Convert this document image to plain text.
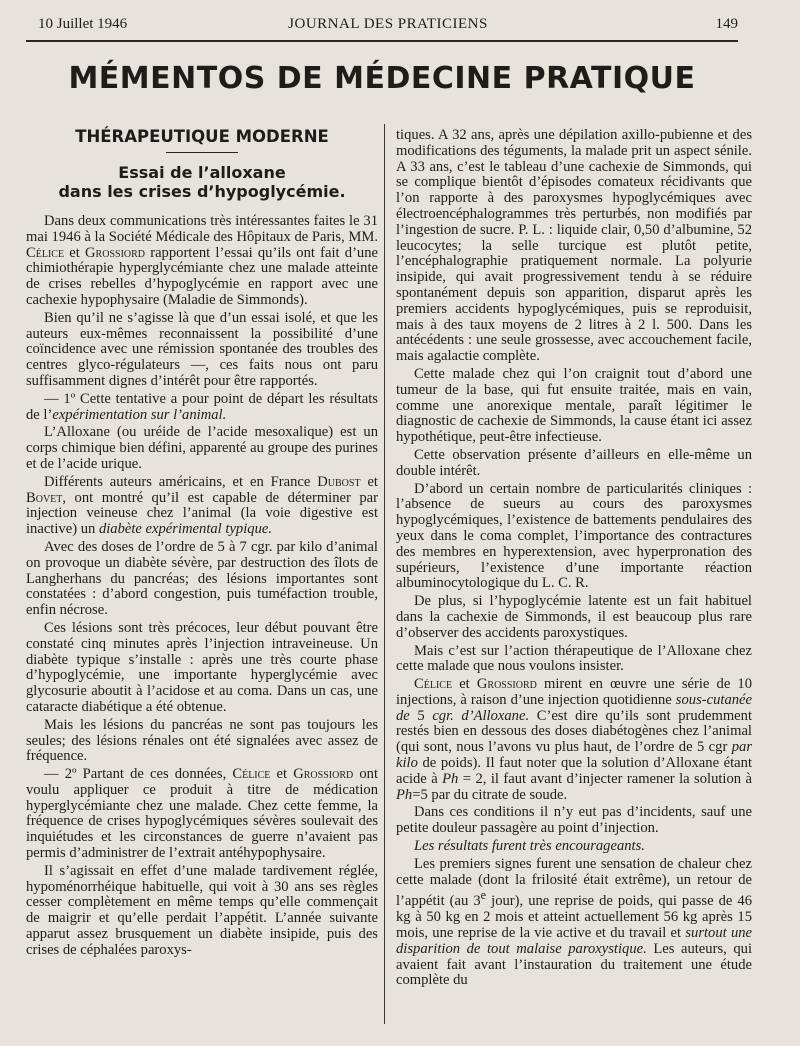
10 Juillet 1946	JOURNAL DES PRATICIENS	149
MÉMENTOS DE MÉDECINE PRATIQUE
THÉRAPEUTIQUE MODERNE
Essai de l’alloxane
dans les crises d’hypoglycémie.

Dans deux communications très intéressantes faites le 31 mai 1946 à la Société Médicale des Hôpitaux de Paris, MM. Célice et Grossiord rapportent l’essai qu’ils ont fait d’une chimiothérapie hyperglycémiante chez une malade atteinte de crises rebelles d’hypoglycémie en rapport avec une cachexie hypophysaire (Maladie de Simmonds).

Bien qu’il ne s’agisse là que d’un essai isolé, et que les auteurs eux-mêmes reconnaissent la possibilité d’une coïncidence avec une rémission spontanée des troubles des centres glyco-régulateurs —, ces faits nous ont paru suffisamment dignes d’intérêt pour être rapportés.

— 1º Cette tentative a pour point de départ les résultats de l’expérimentation sur l’animal.

L’Alloxane (ou uréide de l’acide mesoxalique) est un corps chimique bien défini, apparenté au groupe des purines et de l’acide urique.

Différents auteurs américains, et en France Dubost et Bovet, ont montré qu’il est capable de déterminer par injection veineuse chez l’animal (la voie digestive est inactive) un diabète expérimental typique.

Avec des doses de l’ordre de 5 à 7 cgr. par kilo d’animal on provoque un diabète sévère, par destruction des îlots de Langherhans du pancréas; des lésions importantes sont constatées : d’abord congestion, puis tuméfaction trouble, enfin nécrose.

Ces lésions sont très précoces, leur début pouvant être constaté cinq minutes après l’injection intraveineuse. Un diabète typique s’installe : après une très courte phase d’hypoglycémie, une importante hyperglycémie avec glycosurie aboutit à l’acidose et au coma. Dans un cas, une cataracte diabétique a été obtenue.

Mais les lésions du pancréas ne sont pas toujours les seules; des lésions rénales ont été signalées avec assez de fréquence.

— 2º Partant de ces données, Célice et Grossiord ont voulu appliquer ce produit à titre de médication hyperglycémiante chez une malade. Chez cette femme, la fréquence de crises hypoglycémiques sévères soulevait des inquiétudes et les circonstances de guerre n’avaient pas permis d’administrer de l’extrait antéhypophysaire.

Il s’agissait en effet d’une malade tardivement réglée, hypoménorrhéique habituelle, qui voit à 30 ans ses règles cesser complètement en même temps qu’elle commençait de maigrir et qu’elle perdait l’appétit. L’année suivante apparut assez brusquement un diabète insipide, puis des crises de céphalées paroxys-

tiques. A 32 ans, après une dépilation axillo-pubienne et des modifications des téguments, la malade prit un aspect sénile. A 33 ans, c’est le tableau d’une cachexie de Simmonds, qui se complique bientôt d’épisodes comateux récidivants que l’on rapporte à des paroxysmes hypoglycémiques avec électroencéphalogrammes très perturbés, non modifiés par l’ingestion de sucre. P. L. : liquide clair, 0,50 d’albumine, 52 leucocytes; la selle turcique est plutôt petite, l’encéphalographie pratiquement normale. La polyurie insipide, qui avait progressivement tendu à se réduire spontanément depuis son apparition, disparut après les premiers accidents hypoglycémiques, puis se reproduisit, mais à des taux moyens de 2 litres à 2 l. 500. Dans les antécédents : une seule grossesse, avec accouchement facile, mais agalactie complète.

Cette malade chez qui l’on craignit tout d’abord une tumeur de la base, qui fut ensuite traitée, mais en vain, comme une anorexique mentale, paraît légitimer le diagnostic de cachexie de Simmonds, la cause étant ici assez hypothétique, peut-être infectieuse.

Cette observation présente d’ailleurs en elle-même un double intérêt.

D’abord un certain nombre de particularités cliniques : l’absence de sueurs au cours des paroxysmes hypoglycémiques, l’existence de battements pendulaires des yeux dans le coma complet, l’importance des contractures des membres en hyperextension, avec hyperpronation des supérieurs, l’existence d’une importante réaction albuminocytologique du L. C. R.

De plus, si l’hypoglycémie latente est un fait habituel dans la cachexie de Simmonds, il est beaucoup plus rare d’observer des accidents paroxystiques.

Mais c’est sur l’action thérapeutique de l’Alloxane chez cette malade que nous voulons insister.

Célice et Grossiord mirent en œuvre une série de 10 injections, à raison d’une injection quotidienne sous-cutanée de 5 cgr. d’Alloxane. C’est dire qu’ils sont prudemment restés bien en dessous des doses diabétogènes chez l’animal (qui sont, nous l’avons vu plus haut, de l’ordre de 5 cgr par kilo de poids). Il faut noter que la solution d’Alloxane étant acide à Ph = 2, il faut avant d’injecter ramener la solution à Ph=5 par du citrate de soude.

Dans ces conditions il n’y eut pas d’incidents, sauf une petite douleur passagère au point d’injection.

Les résultats furent très encourageants.

Les premiers signes furent une sensation de chaleur chez cette malade (dont la frilosité était extrême), un retour de l’appétit (au 3e jour), une reprise de poids, qui passe de 46 kg à 50 kg en 2 mois et atteint actuellement 56 kg après 15 mois, une reprise de la vie active et du travail et surtout une disparition de tout malaise paroxystique. Les auteurs, qui avaient fait avant l’instauration du traitement une étude complète du
